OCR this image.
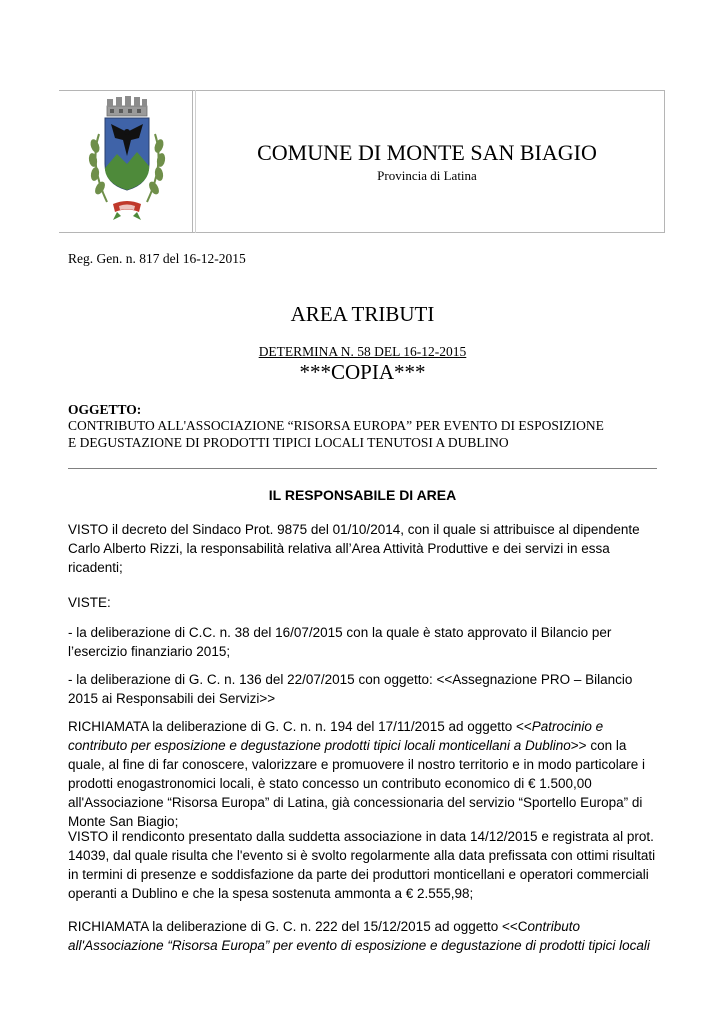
COMUNE DI MONTE SAN BIAGIO
Provincia di Latina
Reg. Gen. n. 817 del 16-12-2015
AREA TRIBUTI
DETERMINA N. 58 DEL 16-12-2015
***COPIA***
OGGETTO:
CONTRIBUTO ALL'ASSOCIAZIONE “RISORSA EUROPA” PER EVENTO DI ESPOSIZIONE
E DEGUSTAZIONE DI PRODOTTI TIPICI LOCALI TENUTOSI A DUBLINO
IL RESPONSABILE DI AREA
VISTO il decreto del Sindaco Prot. 9875 del 01/10/2014, con il quale si attribuisce al dipendente
Carlo Alberto Rizzi, la responsabilità relativa all’Area Attività Produttive e dei servizi in essa
ricadenti;
VISTE:
- la deliberazione di C.C. n. 38 del 16/07/2015 con la quale è stato approvato il Bilancio per
l’esercizio finanziario 2015;
- la deliberazione di G. C. n. 136 del 22/07/2015 con oggetto: <<Assegnazione PRO – Bilancio
2015 ai Responsabili dei Servizi>>
RICHIAMATA la deliberazione di G. C. n. n. 194 del 17/11/2015 ad oggetto <<Patrocinio e
contributo per esposizione e degustazione prodotti tipici locali monticellani a Dublino>> con la
quale, al fine di far conoscere, valorizzare e promuovere il nostro territorio e in modo particolare i
prodotti enogastronomici locali, è stato concesso un contributo economico di € 1.500,00
all'Associazione “Risorsa Europa” di Latina, già concessionaria del servizio “Sportello Europa” di
Monte San Biagio;
VISTO il rendiconto presentato dalla suddetta associazione in data 14/12/2015 e registrata al prot.
14039, dal quale risulta che l'evento si è svolto regolarmente alla data prefissata con ottimi risultati
in termini di presenze e soddisfazione da parte dei produttori monticellani e operatori commerciali
operanti a Dublino e che la spesa sostenuta ammonta a € 2.555,98;
RICHIAMATA la deliberazione di G. C. n. 222 del 15/12/2015 ad oggetto <<Contributo
all'Associazione “Risorsa Europa” per evento di esposizione e degustazione di prodotti tipici locali
